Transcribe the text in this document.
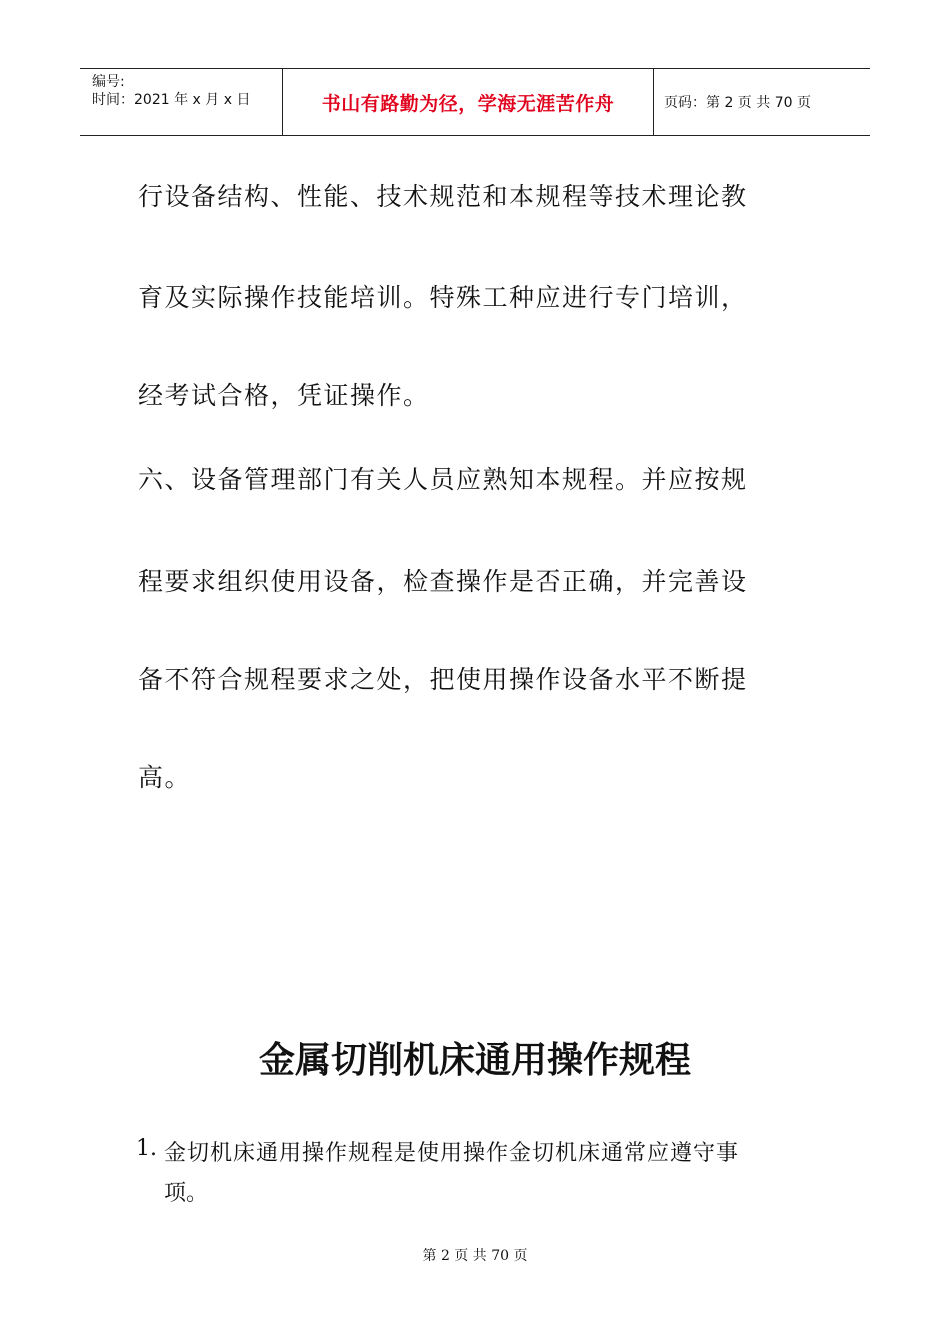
编号:
时间：2021 年 x 月 x 日	书山有路勤为径，学海无涯苦作舟	页码：第 2 页 共 70 页

行设备结构、性能、技术规范和本规程等技术理论教

育及实际操作技能培训。特殊工种应进行专门培训，

经考试合格，凭证操作。

六、设备管理部门有关人员应熟知本规程。并应按规

程要求组织使用设备，检查操作是否正确，并完善设

备不符合规程要求之处，把使用操作设备水平不断提

高。

金属切削机床通用操作规程
1. 金切机床通用操作规程是使用操作金切机床通常应遵守事
项。
第 2 页 共 70 页
